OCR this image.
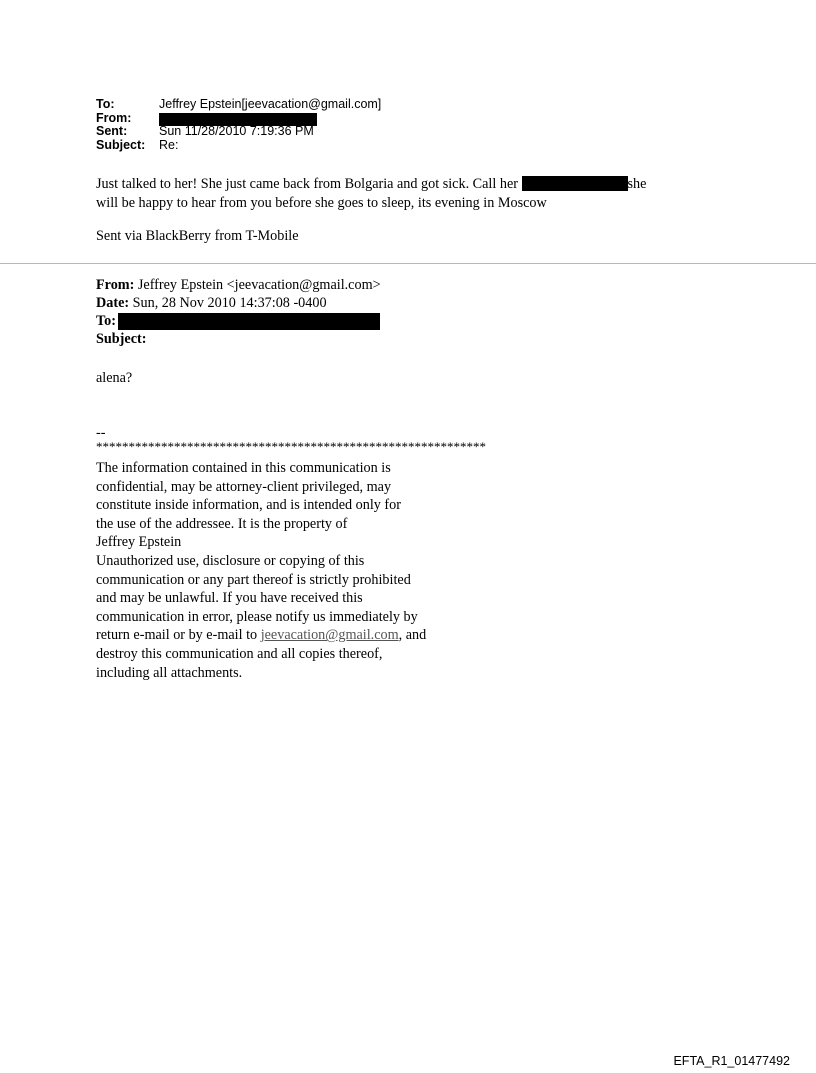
To:	Jeffrey Epstein[jeevacation@gmail.com]
From:
Sent:	Sun 11/28/2010 7:19:36 PM
Subject:	Re:
Just talked to her! She just came back from Bolgaria and got sick. Call her	she
will be happy to hear from you before she goes to sleep, its evening in Moscow
Sent via BlackBerry from T-Mobile
From: Jeffrey Epstein <jeevacation@gmail.com>
Date: Sun, 28 Nov 2010 14:37:08 -0400
To:
Subject:
alena?
--
************************************************************
The information contained in this communication is
confidential, may be attorney-client privileged, may
constitute inside information, and is intended only for
the use of the addressee. It is the property of
Jeffrey Epstein
Unauthorized use, disclosure or copying of this
communication or any part thereof is strictly prohibited
and may be unlawful. If you have received this
communication in error, please notify us immediately by
return e-mail or by e-mail to jeevacation@gmail.com, and
destroy this communication and all copies thereof,
including all attachments.
EFTA_R1_01477492
